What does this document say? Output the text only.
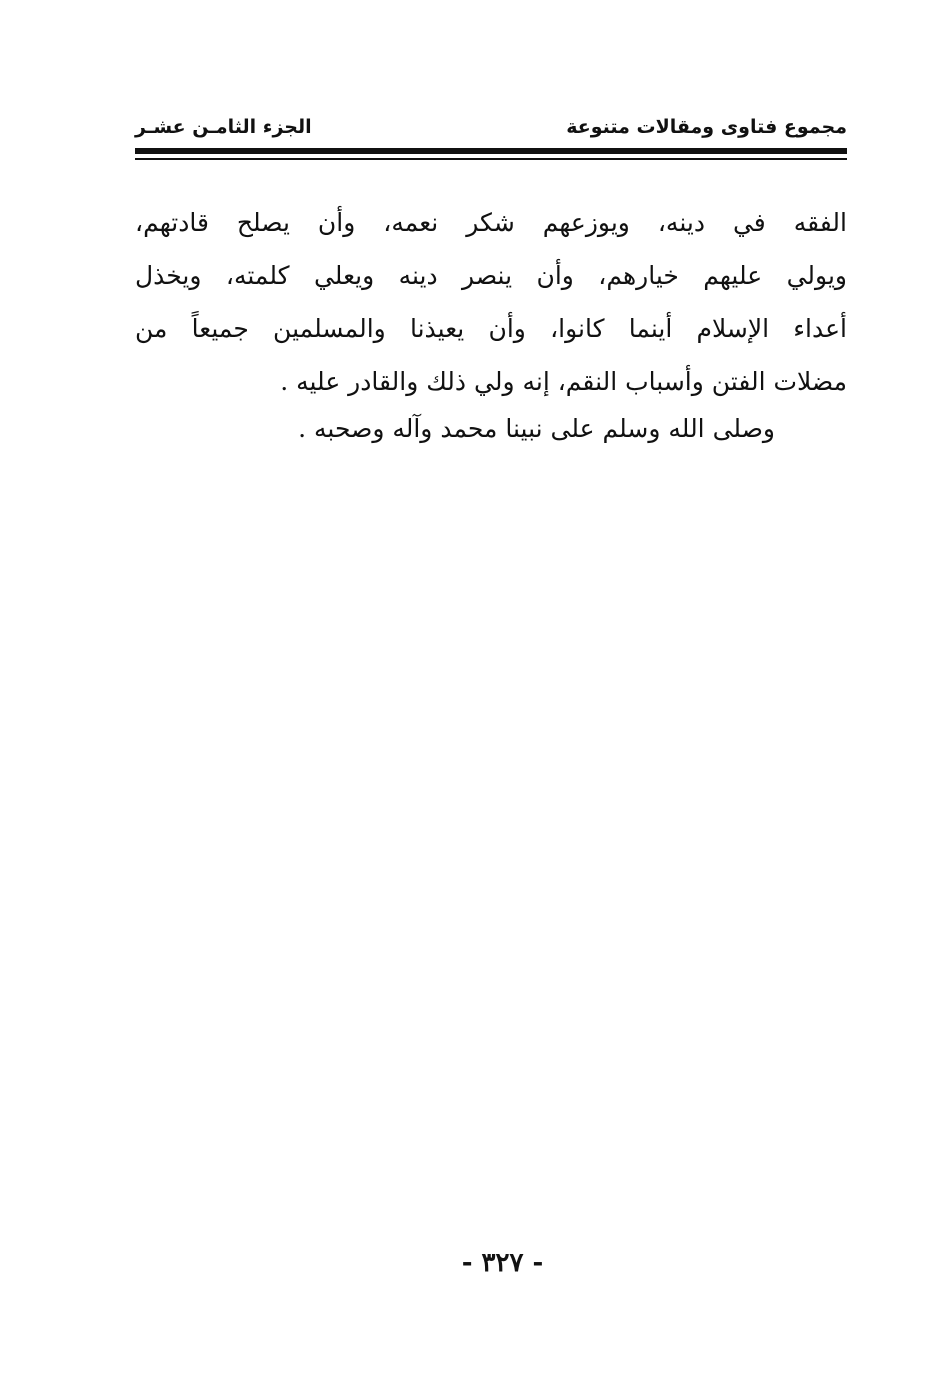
مجموع فتاوى ومقالات متنوعة
الجزء الثامـن عشـر
الفقه في دينه، ويوزعهم شكر نعمه، وأن يصلح قادتهم،
ويولي عليهم خيارهم، وأن ينصر دينه ويعلي كلمته، ويخذل
أعداء الإسلام أينما كانوا، وأن يعيذنا والمسلمين جميعاً من
مضلات الفتن وأسباب النقم، إنه ولي ذلك والقادر عليه .
وصلى الله وسلم على نبينا محمد وآله وصحبه .
- ٣٢٧ -
